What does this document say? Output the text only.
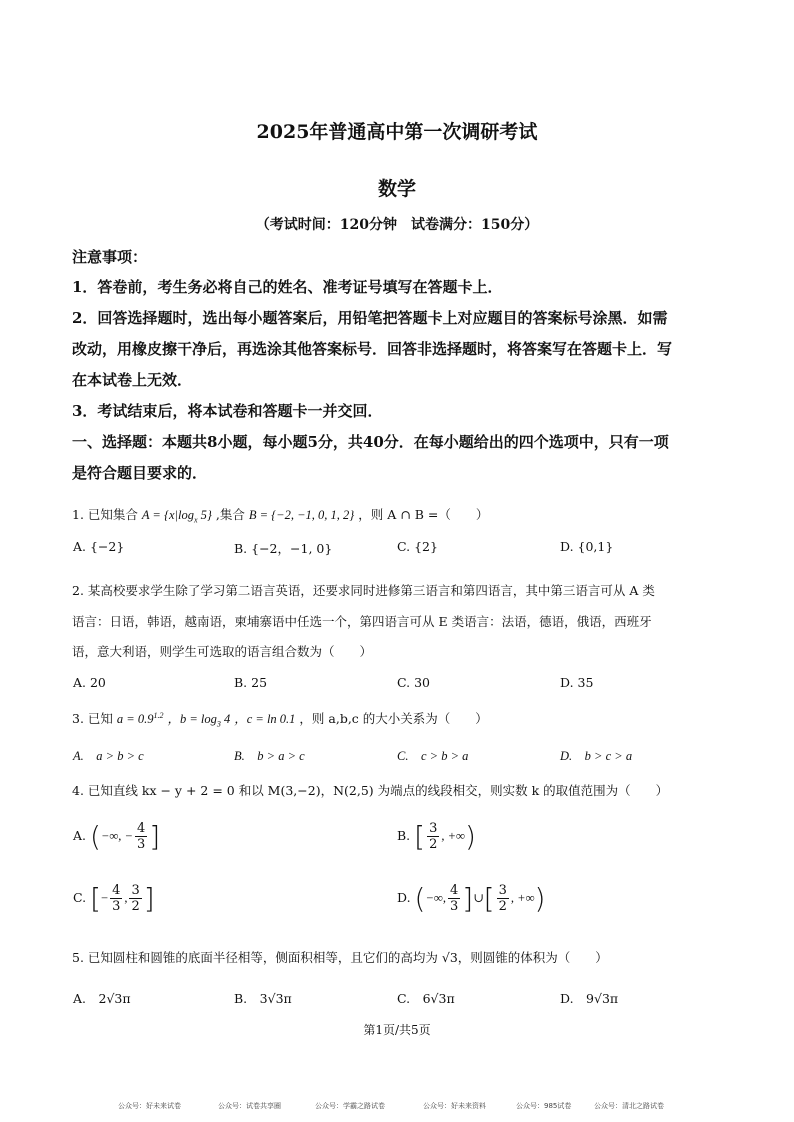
2025年普通高中第一次调研考试
数学
（考试时间：120分钟　试卷满分：150分）
注意事项：
1．答卷前，考生务必将自己的姓名、准考证号填写在答题卡上．
2．回答选择题时，选出每小题答案后，用铅笔把答题卡上对应题目的答案标号涂黑．如需
改动，用橡皮擦干净后，再选涂其他答案标号．回答非选择题时，将答案写在答题卡上．写
在本试卷上无效．
3．考试结束后，将本试卷和答题卡一并交回．
一、选择题：本题共8小题，每小题5分，共40分．在每小题给出的四个选项中，只有一项
是符合题目要求的．
1. 已知集合 $A = \{x|\log_x$ 5} ,集合 B = {−2, −1, 0, 1, 2} ，则 A ∩ B =（　　）
A. {−2}	B. {−2，−1, 0}	C. {2}	D. {0,1}
2. 某高校要求学生除了学习第二语言英语，还要求同时进修第三语言和第四语言，其中第三语言可从 A 类
语言：日语，韩语，越南语，柬埔寨语中任选一个，第四语言可从 E 类语言：法语，德语，俄语，西班牙
语，意大利语，则学生可选取的语言组合数为（　　）
A. 20	B. 25	C. 30	D. 35
3. 已知 $a = 0.9^{1.2}$ ，$b = \log_3 4$ ，c = ln 0.1 ，则 a,b,c 的大小关系为（　　）
A.　a > b > c	B.　b > a > c	C.　c > b > a	D.　b > c > a
4. 已知直线 kx − y + 2 = 0 和以 M(3,−2)，N(2,5) 为端点的线段相交，则实数 k 的取值范围为（　　）
A. (−∞, − $\frac{4}{3}$ ]	B. [ $\frac{3}{2}$ , +∞)
C. [− $\frac{4}{3}$ , $\frac{3}{2}$ ]	D. (−∞, $\frac{4}{3}$ ]∪[ $\frac{3}{2}$ , +∞)
5. 已知圆柱和圆锥的底面半径相等，侧面积相等，且它们的高均为 √3，则圆锥的体积为（　　）
A.　2√3π	B.　3√3π	C.　6√3π	D.　9√3π
第1页/共5页
公众号：好未来试卷	公众号：试卷共享圈	公众号：学霸之路试卷	公众号：好未来资料	公众号：985试卷	公众号：清北之路试卷
